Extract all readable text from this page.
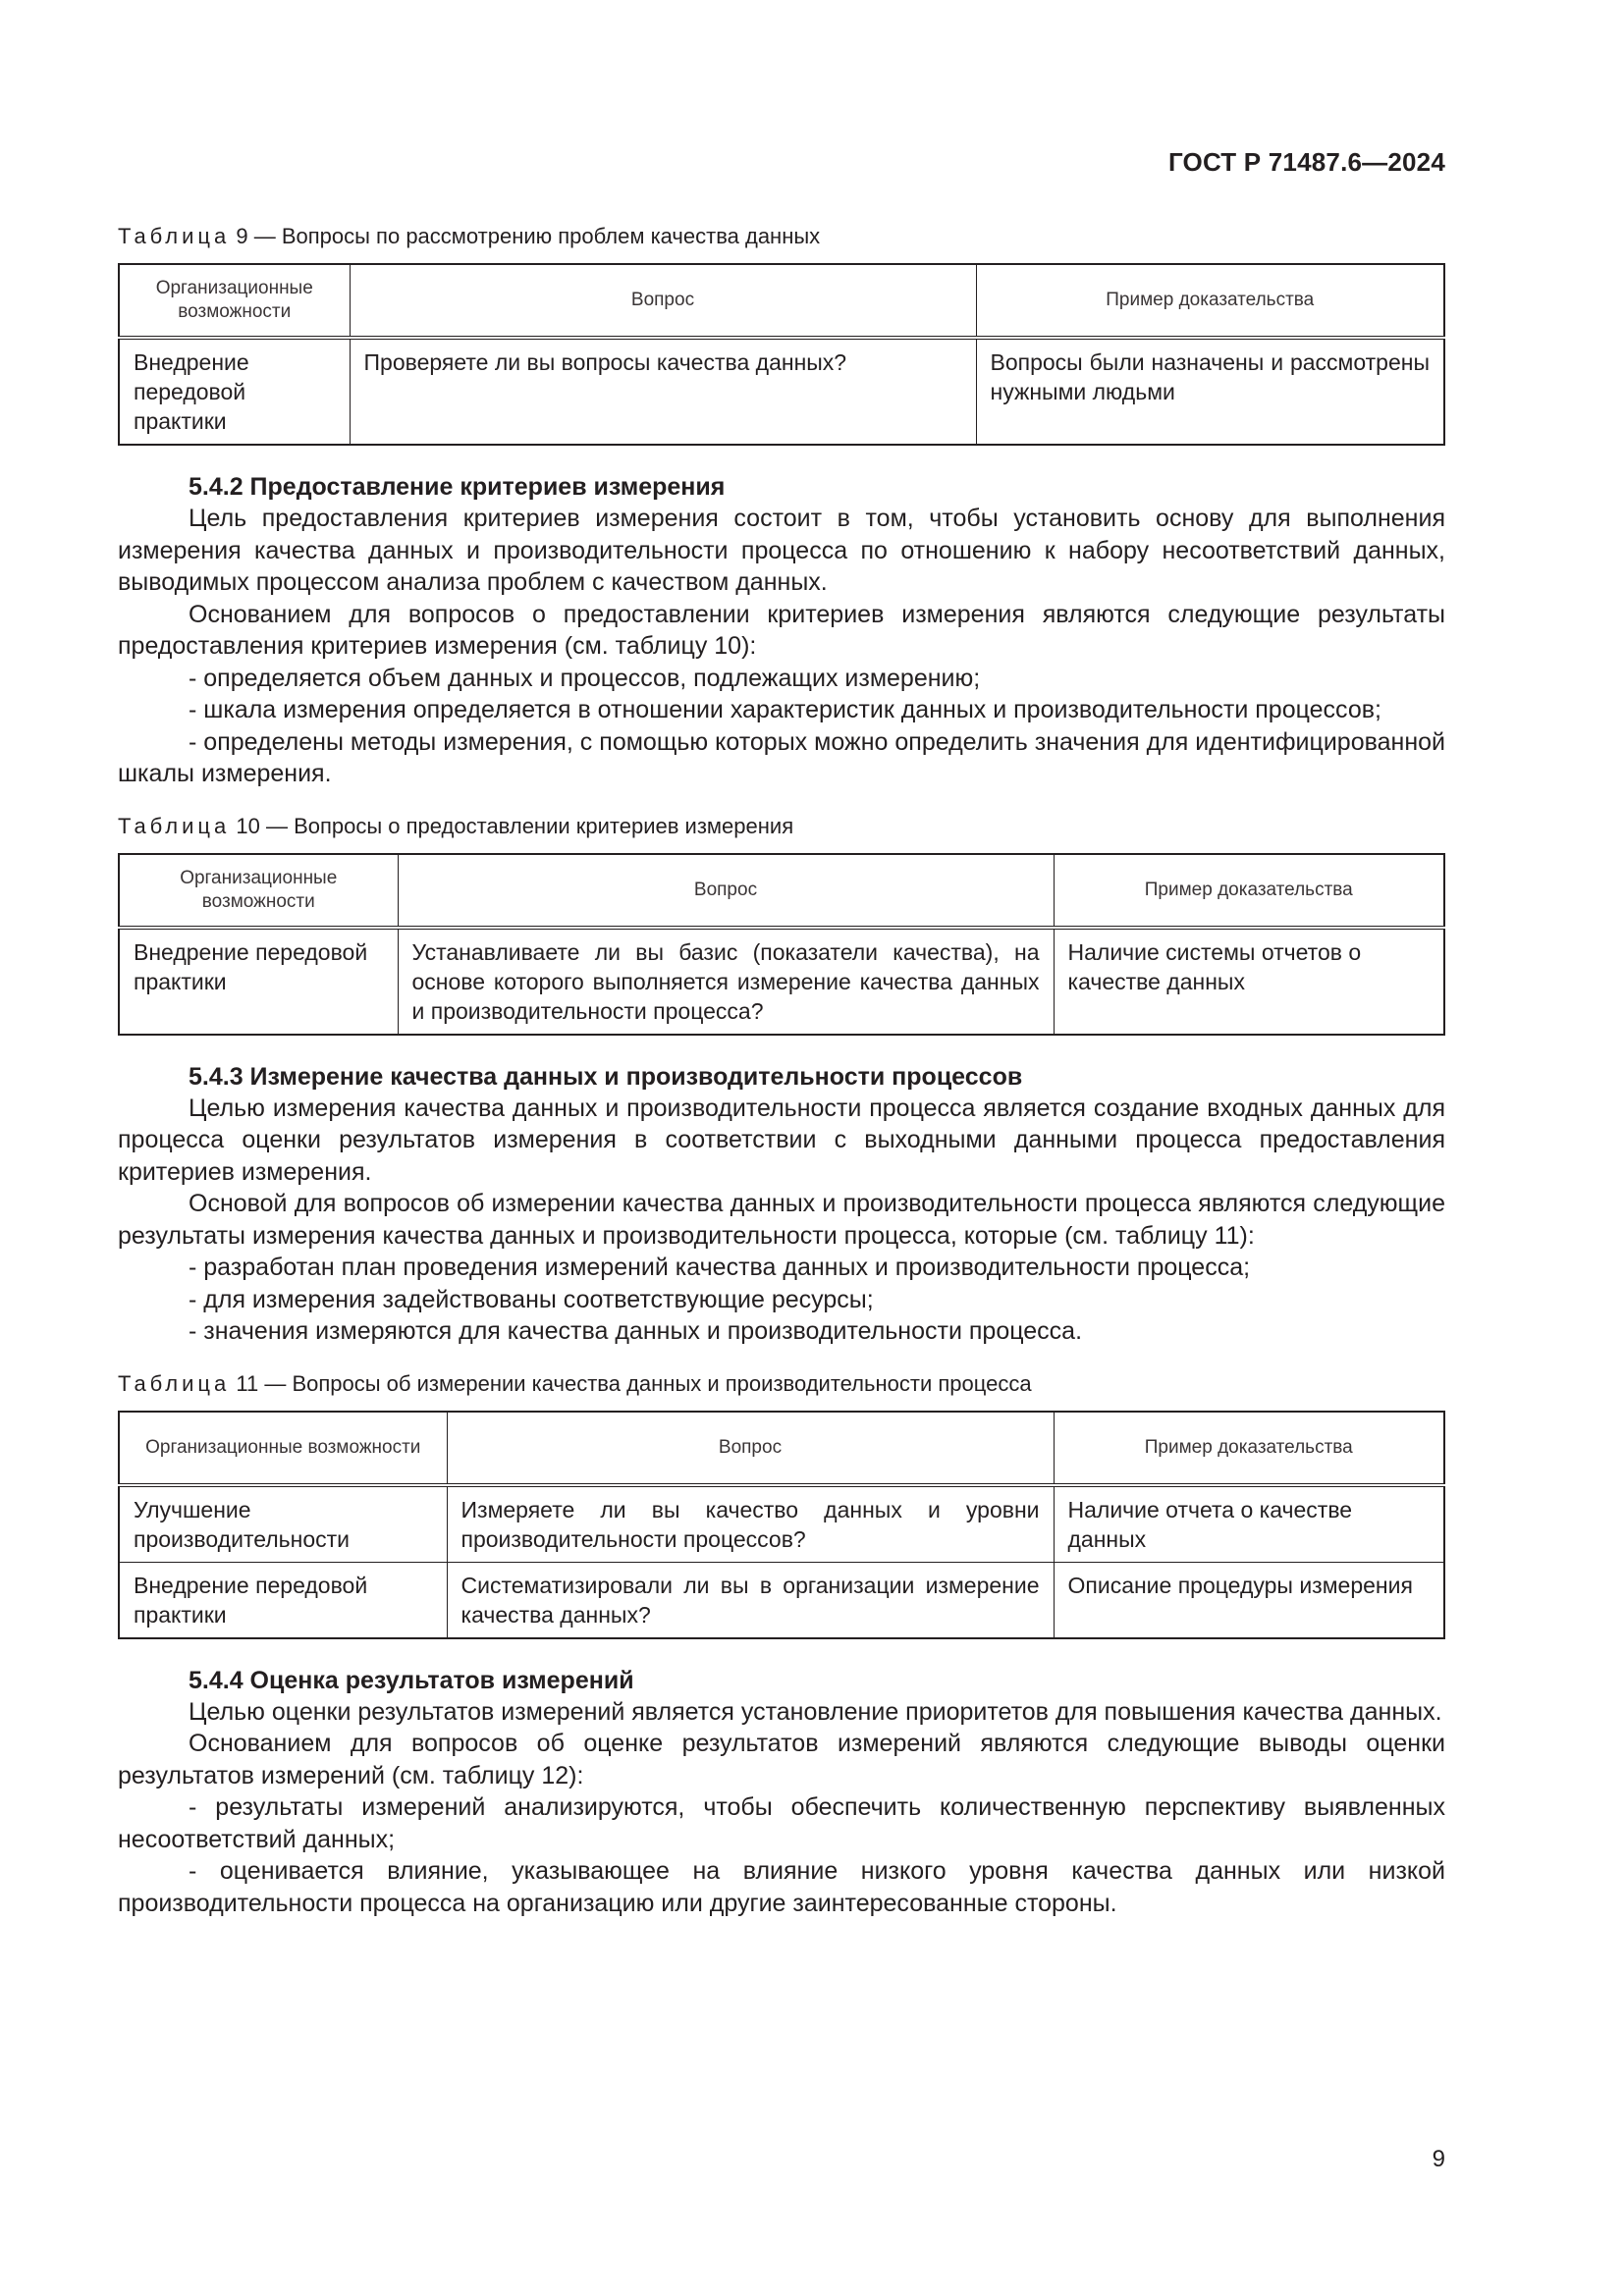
ГОСТ Р 71487.6—2024
Таблица 9 — Вопросы по рассмотрению проблем качества данных
Организационные возможности	Вопрос	Пример доказательства
Внедрение передовой практики	Проверяете ли вы вопросы качества данных?	Вопросы были назначены и рассмотрены нужными людьми
5.4.2 Предоставление критериев измерения

Цель предоставления критериев измерения состоит в том, чтобы установить основу для выполнения измерения качества данных и производительности процесса по отношению к набору несоответствий данных, выводимых процессом анализа проблем с качеством данных.

Основанием для вопросов о предоставлении критериев измерения являются следующие результаты предоставления критериев измерения (см. таблицу 10):

- определяется объем данных и процессов, подлежащих измерению;

- шкала измерения определяется в отношении характеристик данных и производительности процессов;

- определены методы измерения, с помощью которых можно определить значения для идентифицированной шкалы измерения.

Таблица 10 — Вопросы о предоставлении критериев измерения
Организационные возможности	Вопрос	Пример доказательства
Внедрение передовой практики	Устанавливаете ли вы базис (показатели качества), на основе которого выполняется измерение качества данных и производительности процесса?	Наличие системы отчетов о качестве данных
5.4.3 Измерение качества данных и производительности процессов

Целью измерения качества данных и производительности процесса является создание входных данных для процесса оценки результатов измерения в соответствии с выходными данными процесса предоставления критериев измерения.

Основой для вопросов об измерении качества данных и производительности процесса являются следующие результаты измерения качества данных и производительности процесса, которые (см. таблицу 11):

- разработан план проведения измерений качества данных и производительности процесса;

- для измерения задействованы соответствующие ресурсы;

- значения измеряются для качества данных и производительности процесса.

Таблица 11 — Вопросы об измерении качества данных и производительности процесса
Организационные возможности	Вопрос	Пример доказательства
Улучшение производительности	Измеряете ли вы качество данных и уровни производительности процессов?	Наличие отчета о качестве данных
Внедрение передовой практики	Систематизировали ли вы в организации измерение качества данных?	Описание процедуры измерения
5.4.4 Оценка результатов измерений

Целью оценки результатов измерений является установление приоритетов для повышения качества данных.

Основанием для вопросов об оценке результатов измерений являются следующие выводы оценки результатов измерений (см. таблицу 12):

- результаты измерений анализируются, чтобы обеспечить количественную перспективу выявленных несоответствий данных;

- оценивается влияние, указывающее на влияние низкого уровня качества данных или низкой производительности процесса на организацию или другие заинтересованные стороны.

9
